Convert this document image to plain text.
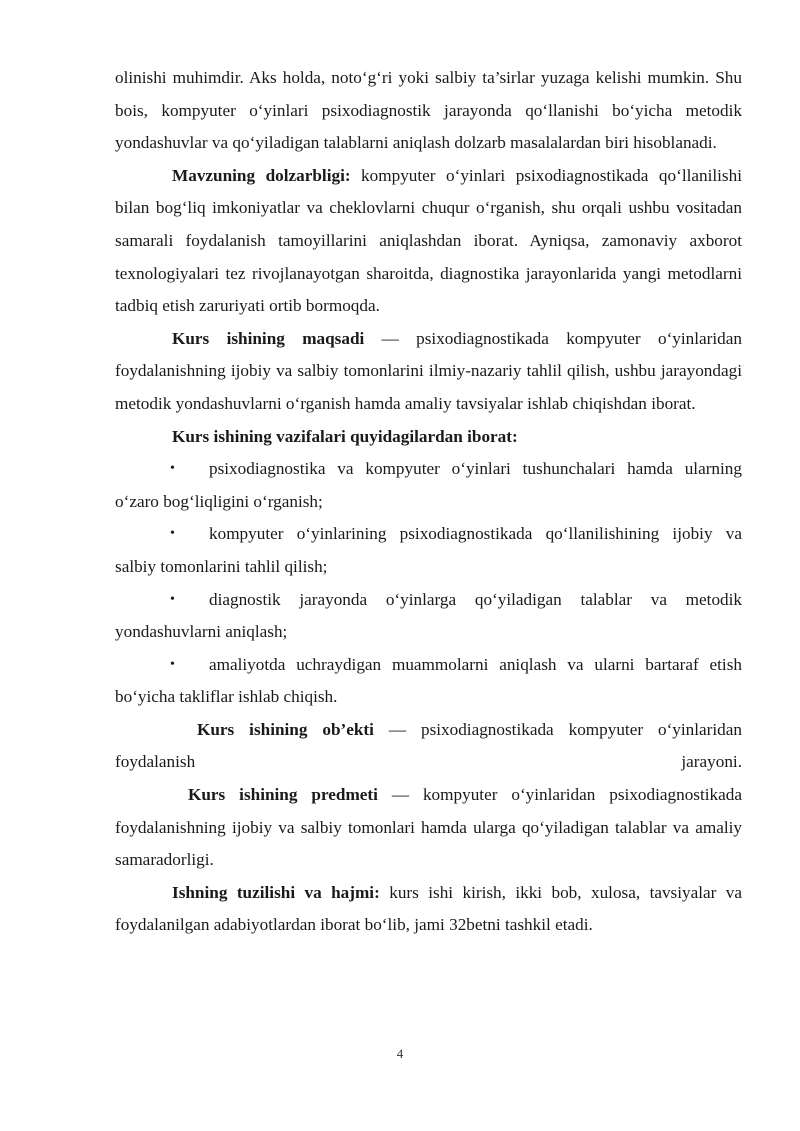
olinishi muhimdir. Aks holda, noto‘g‘ri yoki salbiy ta’sirlar yuzaga kelishi mumkin. Shu bois, kompyuter o‘yinlari psixodiagnostik jarayonda qo‘llanishi bo‘yicha metodik yondashuvlar va qo‘yiladigan talablarni aniqlash dolzarb masalalardan biri hisoblanadi.

Mavzuning dolzarbligi: kompyuter o‘yinlari psixodiagnostikada qo‘llanilishi bilan bog‘liq imkoniyatlar va cheklovlarni chuqur o‘rganish, shu orqali ushbu vositadan samarali foydalanish tamoyillarini aniqlashdan iborat. Ayniqsa, zamonaviy axborot texnologiyalari tez rivojlanayotgan sharoitda, diagnostika jarayonlarida yangi metodlarni tadbiq etish zaruriyati ortib bormoqda.

Kurs ishining maqsadi — psixodiagnostikada kompyuter o‘yinlaridan foydalanishning ijobiy va salbiy tomonlarini ilmiy-nazariy tahlil qilish, ushbu jarayondagi metodik yondashuvlarni o‘rganish hamda amaliy tavsiyalar ishlab chiqishdan iborat.

Kurs ishining vazifalari quyidagilardan iborat:

• psixodiagnostika va kompyuter o‘yinlari tushunchalari hamda ularning o‘zaro bog‘liqligini o‘rganish;
• kompyuter o‘yinlarining psixodiagnostikada qo‘llanilishining ijobiy va salbiy tomonlarini tahlil qilish;
• diagnostik jarayonda o‘yinlarga qo‘yiladigan talablar va metodik yondashuvlarni aniqlash;
• amaliyotda uchraydigan muammolarni aniqlash va ularni bartaraf etish bo‘yicha takliflar ishlab chiqish.

Kurs ishining ob’ekti — psixodiagnostikada kompyuter o‘yinlaridan foydalanish jarayoni.

Kurs ishining predmeti — kompyuter o‘yinlaridan psixodiagnostikada foydalanishning ijobiy va salbiy tomonlari hamda ularga qo‘yiladigan talablar va amaliy samaradorligi.

Ishning tuzilishi va hajmi: kurs ishi kirish, ikki bob, xulosa, tavsiyalar va foydalanilgan adabiyotlardan iborat bo‘lib, jami 32betni tashkil etadi.

4
